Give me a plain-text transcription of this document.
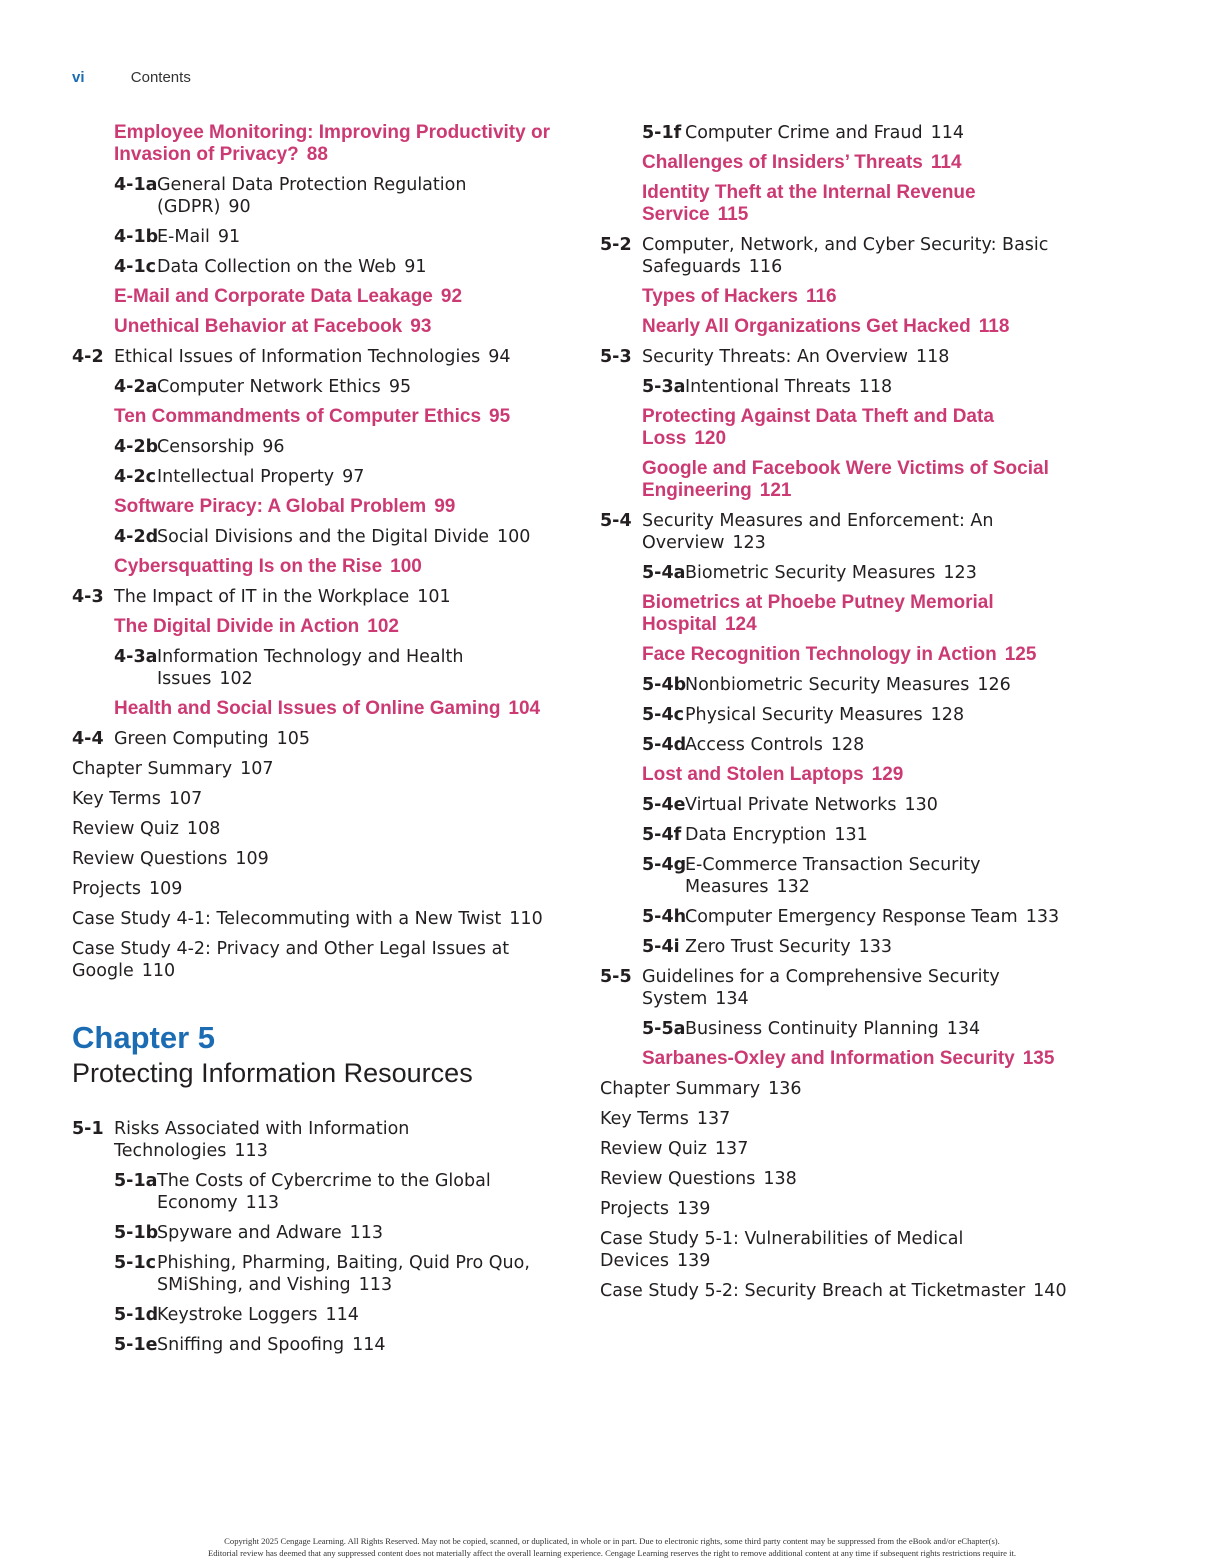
vi	Contents
Employee Monitoring: Improving Productivity or Invasion of Privacy? 88
4-1a General Data Protection Regulation (GDPR) 90
4-1b
E-Mail 91
4-1c Data Collection on the Web 91
E-Mail and Corporate Data Leakage 92
Unethical Behavior at Facebook 93
4-2 Ethical Issues of Information Technologies 94
4-2a Computer Network Ethics 95
Ten Commandments of Computer Ethics 95
4-2b
Censorship 96
4-2c Intellectual Property 97
Software Piracy: A Global Problem 99
4-2d
Social Divisions and the Digital Divide 100
Cybersquatting Is on the Rise 100
4-3 The Impact of IT in the Workplace 101
The Digital Divide in Action 102
4-3a Information Technology and Health Issues 102
Health and Social Issues of Online Gaming 104
4-4 Green Computing 105
Chapter Summary 107
Key Terms 107
Review Quiz 108
Review Questions 109
Projects 109
Case Study 4-1: Telecommuting with a New Twist 110
Case Study 4-2: Privacy and Other Legal Issues at Google 110
Chapter 5
Protecting Information Resources
5-1 Risks Associated with Information Technologies 113
5-1a The Costs of Cybercrime to the Global Economy 113
5-1b
Spyware and Adware 113
5-1c Phishing, Pharming, Baiting, Quid Pro Quo, SMiShing, and Vishing 113
5-1d
Keystroke Loggers 114
5-1e Sniffing and Spoofing 114
5-1f Computer Crime and Fraud 114
Challenges of Insiders’ Threats 114
Identity Theft at the Internal Revenue Service 115
5-2 Computer, Network, and Cyber Security: Basic Safeguards 116
Types of Hackers 116
Nearly All Organizations Get Hacked 118
5-3 Security Threats: An Overview 118
5-3a Intentional Threats 118
Protecting Against Data Theft and Data Loss 120
Google and Facebook Were Victims of Social Engineering 121
5-4 Security Measures and Enforcement: An Overview 123
5-4a Biometric Security Measures 123
Biometrics at Phoebe Putney Memorial Hospital 124
Face Recognition Technology in Action 125
5-4b
Nonbiometric Security Measures 126
5-4c Physical Security Measures 128
5-4d
Access Controls 128
Lost and Stolen Laptops 129
5-4e Virtual Private Networks 130
5-4f Data Encryption 131
5-4g
E-Commerce Transaction Security Measures 132
5-4h
Computer Emergency Response Team 133
5-4i Zero Trust Security 133
5-5 Guidelines for a Comprehensive Security System 134
5-5a Business Continuity Planning 134
Sarbanes-Oxley and Information Security 135
Chapter Summary 136
Key Terms 137
Review Quiz 137
Review Questions 138
Projects 139
Case Study 5-1: Vulnerabilities of Medical Devices 139
Case Study 5-2: Security Breach at Ticketmaster 140
Copyright 2025 Cengage Learning. All Rights Reserved. May not be copied, scanned, or duplicated, in whole or in part. Due to electronic rights, some third party content may be suppressed from the eBook and/or eChapter(s).
Editorial review has deemed that any suppressed content does not materially affect the overall learning experience. Cengage Learning reserves the right to remove additional content at any time if subsequent rights restrictions require it.
